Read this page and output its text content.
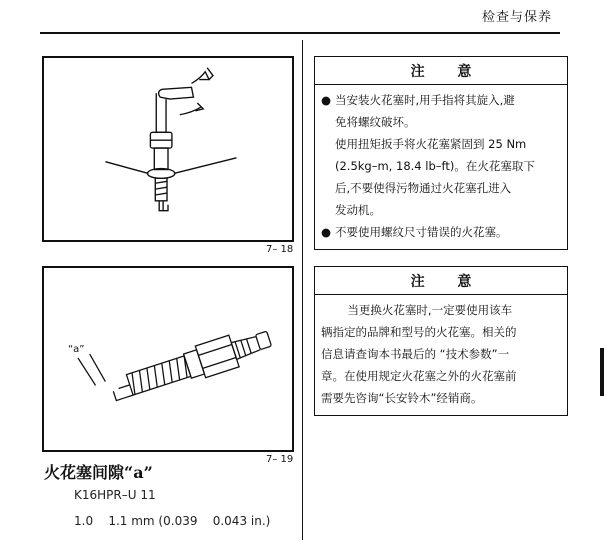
检查与保养
7– 18
“a”
7– 19
注 意
● 当安装火花塞时,用手指将其旋入,避
免将螺纹破坏。
使用扭矩扳手将火花塞紧固到 25 Nm
(2.5kg–m, 18.4 lb–ft)。在火花塞取下
后,不要使得污物通过火花塞孔进入
发动机。
● 不要使用螺纹尺寸错误的火花塞。
注 意
当更换火花塞时,一定要使用该车
辆指定的品牌和型号的火花塞。相关的
信息请查询本书最后的 “技术参数”一
章。在使用规定火花塞之外的火花塞前
需要先咨询“长安铃木”经销商。
火花塞间隙“a”
K16HPR–U 11
1.0    1.1 mm (0.039    0.043 in.)
